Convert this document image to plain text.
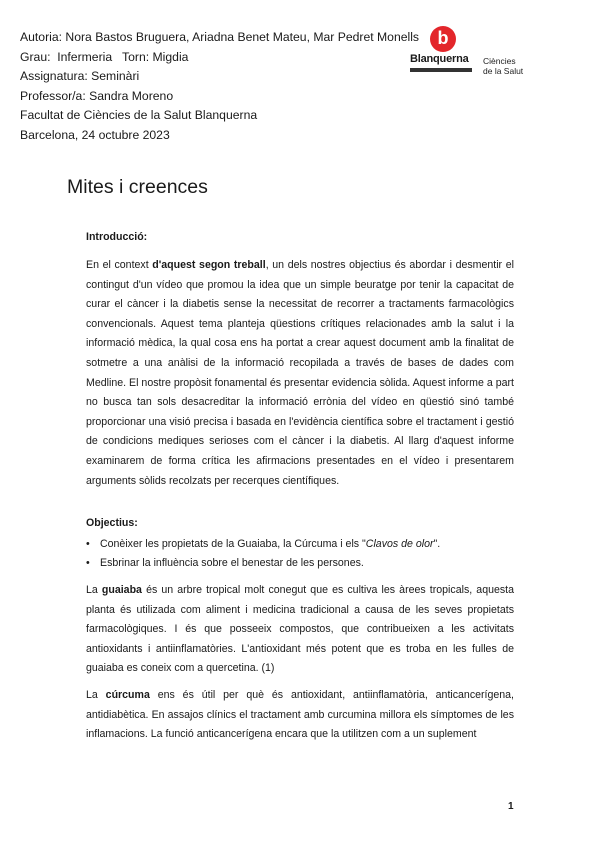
Autoria: Nora Bastos Bruguera, Ariadna Benet Mateu, Mar Pedret Monells
Grau:  Infermeria   Torn: Migdia
Assignatura: Seminàri
Professor/a: Sandra Moreno
Facultat de Ciències de la Salut Blanquerna
Barcelona, 24 octubre 2023
b
Blanquerna Ciències
de la Salut
Mites i creences

Introducció:

En el context d'aquest segon treball, un dels nostres objectius és abordar i desmentir el contingut d'un vídeo que promou la idea que un simple beuratge por tenir la capacitat de curar el càncer i la diabetis sense la necessitat de recorrer a tractaments farmacològics convencionals. Aquest tema planteja qüestions crítiques relacionades amb la salut i la informació mèdica, la qual cosa ens ha portat a crear aquest document amb la finalitat de sotmetre a una anàlisi de la informació recopilada a través de bases de dades com Medline. El nostre propòsit fonamental és presentar evidencia sòlida. Aquest informe a part no busca tan sols desacreditar la informació errònia del vídeo en qüestió sinó també proporcionar una visió precisa i basada en l'evidència científica sobre el tractament i gestió de condicions mediques serioses com el càncer i la diabetis. Al llarg d'aquest informe examinarem de forma crítica les afirmacions presentades en el vídeo i presentarem arguments sòlids recolzats per recerques científiques.

Objectius:

• Conèixer les propietats de la Guaiaba, la Cúrcuma i els "Clavos de olor".
• Esbrinar la influència sobre el benestar de les persones.

La guaiaba és un arbre tropical molt conegut que es cultiva les àrees tropicals, aquesta planta és utilizada com aliment i medicina tradicional a causa de les seves propietats farmacològiques. I és que posseeix compostos, que contribueixen a les activitats antioxidants i antiinflamatòries. L'antioxidant més potent que es troba en les fulles de guaiaba es coneix com a quercetina. (1)

La cúrcuma ens és útil per què és antioxidant, antiinflamatòria, anticancerígena, antidiabètica. En assajos clínics el tractament amb curcumina millora els símptomes de les inflamacions. La funció anticancerígena encara que la utilitzen com a un suplement

1
